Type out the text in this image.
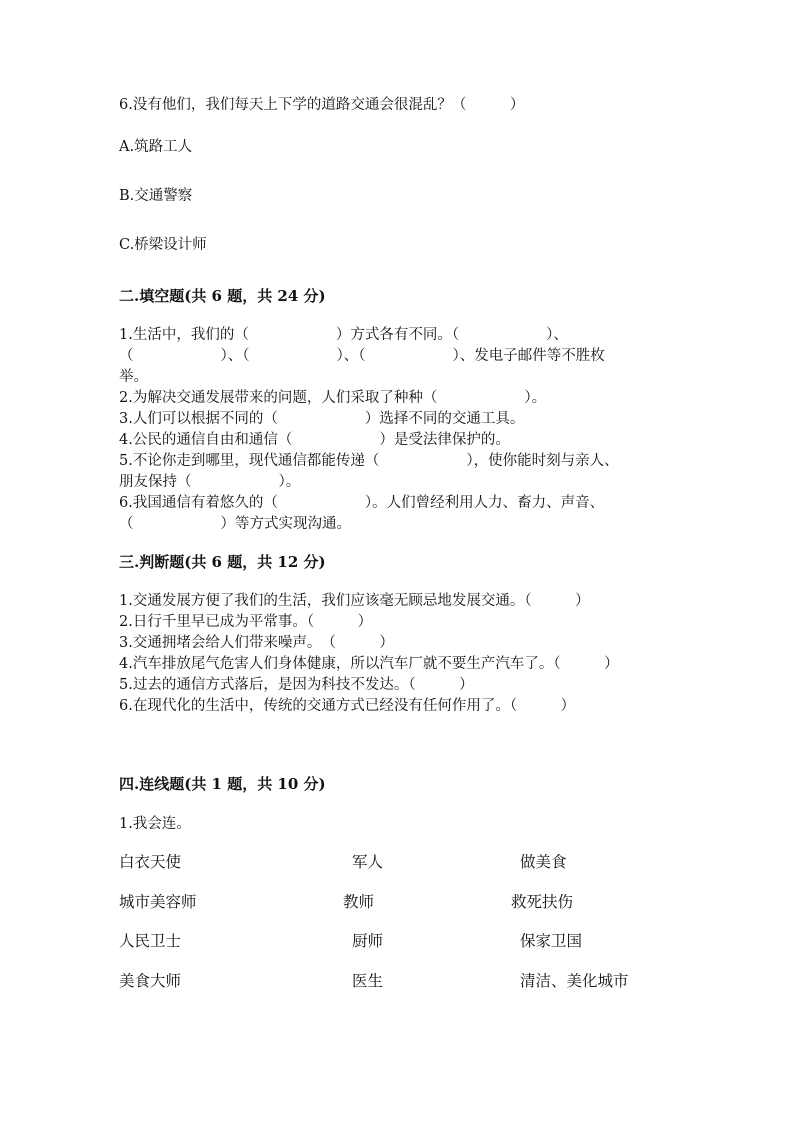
6.没有他们，我们每天上下学的道路交通会很混乱？（　　　）
A.筑路工人
B.交通警察
C.桥梁设计师
二.填空题(共 6 题，共 24 分)
1.生活中，我们的（　　　　　　）方式各有不同。（　　　　　　）、
（　　　　　　）、（　　　　　　）、（　　　　　　）、发电子邮件等不胜枚
举。
2.为解决交通发展带来的问题，人们采取了种种（　　　　　　）。
3.人们可以根据不同的（　　　　　　）选择不同的交通工具。
4.公民的通信自由和通信（　　　　　　）是受法律保护的。
5.不论你走到哪里，现代通信都能传递（　　　　　　），使你能时刻与亲人、
朋友保持（　　　　　　）。
6.我国通信有着悠久的（　　　　　　）。人们曾经利用人力、畜力、声音、
（　　　　　　）等方式实现沟通。
三.判断题(共 6 题，共 12 分)
1.交通发展方便了我们的生活，我们应该毫无顾忌地发展交通。（　　　）
2.日行千里早已成为平常事。（　　　）
3.交通拥堵会给人们带来噪声。　（　　　）
4.汽车排放尾气危害人们身体健康，所以汽车厂就不要生产汽车了。（　　　）
5.过去的通信方式落后，是因为科技不发达。（　　　）
6.在现代化的生活中，传统的交通方式已经没有任何作用了。（　　　）
四.连线题(共 1 题，共 10 分)
1.我会连。
白衣天使
城市美容师
人民卫士
美食大师
军人
教师
厨师
医生
做美食
救死扶伤
保家卫国
清洁、美化城市
